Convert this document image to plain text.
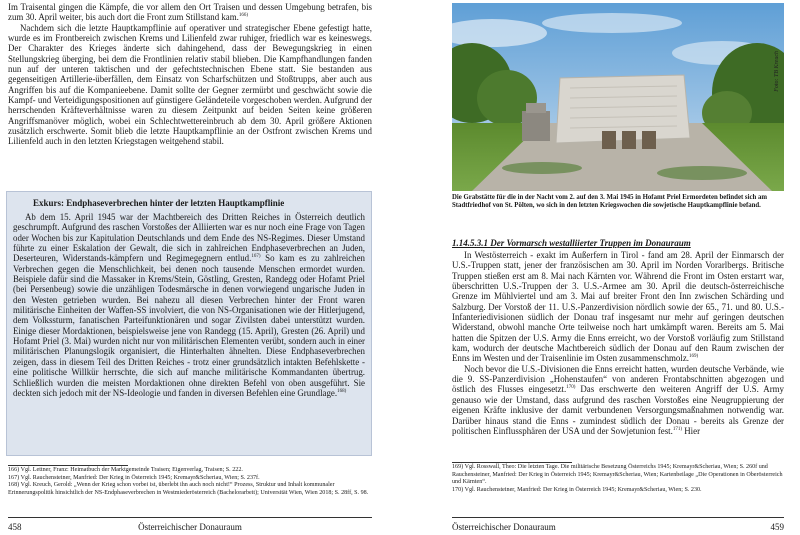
Im Traisental gingen die Kämpfe, die vor allem den Ort Traisen und dessen Umgebung betrafen, bis zum 30. April weiter, bis auch dort die Front zum Stillstand kam.$^{166)}$

Nachdem sich die letzte Hauptkampflinie auf operativer und strategischer Ebene gefestigt hatte, wurde es im Frontbereich zwischen Krems und Lilienfeld zwar ruhiger, friedlich war es keineswegs. Der Charakter des Krieges änderte sich dahingehend, dass der Bewegungskrieg in einen Stellungskrieg überging, bei dem die Frontlinien relativ stabil blieben. Die Kampfhandlungen fanden nun auf der unteren taktischen und der gefechtstechnischen Ebene statt. Sie bestanden aus gegenseitigen Artillerie-überfällen, dem Einsatz von Scharfschützen und Stoßtrupps, aber auch aus Angriffen bis auf die Kompanieebene. Damit sollte der Gegner zermürbt und geschwächt sowie die Kampf- und Verteidigungspositionen auf günstigere Geländeteile vorgeschoben werden. Aufgrund der herrschenden Kräfteverhältnisse waren zu diesem Zeitpunkt auf beiden Seiten keine größeren Angriffsmanöver möglich, wobei ein Schlechtwettereinbruch ab dem 30. April größere Aktionen zusätzlich erschwerte. Somit blieb die letzte Hauptkampflinie an der Ostfront zwischen Krems und Lilienfeld auch in den letzten Kriegstagen weitgehend stabil.

Exkurs: Endphaseverbrechen hinter der letzten Hauptkampflinie

Ab dem 15. April 1945 war der Machtbereich des Dritten Reiches in Österreich deutlich geschrumpft. Aufgrund des raschen Vorstoßes der Alliierten war es nur noch eine Frage von Tagen oder Wochen bis zur Kapitulation Deutschlands und dem Ende des NS-Regimes. Dieser Umstand führte zu einer Eskalation der Gewalt, die sich in zahlreichen Endphaseverbrechen an Juden, Deserteuren, Widerstands-kämpfern und Regimegegnern entlud.$^{167)}$ So kam es zu zahlreichen Verbrechen gegen die Menschlichkeit, bei denen noch tausende Menschen ermordet wurden. Beispiele dafür sind die Massaker in Krems/Stein, Göstling, Gresten, Randegg oder Hofamt Priel (bei Persenbeug) sowie die unzähligen Todesmärsche in denen vorwiegend ungarische Juden in den Westen getrieben wurden. Bei nahezu all diesen Verbrechen hinter der Front waren militärische Einheiten der Waffen-SS involviert, die von NS-Organisationen wie der Hitlerjugend, dem Volkssturm, fanatischen Parteifunktionären und sogar Zivilsten dabei unterstützt wurden. Einige dieser Mordaktionen, beispielsweise jene von Randegg (15. April), Gresten (26. April) und Hofamt Priel (3. Mai) wurden nicht nur von militärischen Elementen verübt, sondern auch in einer militärischen Planungslogik organisiert, die Hinterhalten ähnelten. Diese Endphaseverbrechen zeigen, dass in diesem Teil des Dritten Reiches - trotz einer grundsätzlich intakten Befehlskette - eine politische Willkür herrschte, die sich auf manche militärische Kommandanten übertrug. Schließlich wurden die meisten Mordaktionen ohne direkten Befehl von oben ausgeführt. Sie deckten sich jedoch mit der NS-Ideologie und fanden in diversen Befehlen eine Grundlage.$^{168)}$

166) Vgl. Lettner, Franz: Heimatbuch der Marktgemeinde Traisen; Eigenverlag, Traisen; S. 222.
167) Vgl. Rauchensteiner, Manfried: Der Krieg in Österreich 1945; Kremayr&Scheriau, Wien; S. 237f.
168) Vgl. Kreuch, Gerold: „Wenn der Krieg schon vorbei ist, überlebt ihn auch noch nicht!“ Prozess, Struktur und Inhalt kommunaler Erinnerungspolitik hinsichtlich der NS-Endphaseverbrechen in Westmiederösterreich (Bachelorarbeit); Universität Wien, Wien 2018; S. 28ff, S. 98.
Österreichischer Donauraum
458
Foto: TB Kreuch
Die Grabstätte für die in der Nacht vom 2. auf den 3. Mai 1945 in Hofamt Priel Ermordeten befindet sich am Stadtfriedhof von St. Pölten, wo sich in den letzten Kriegswochen die sowjetische Hauptkampflinie befand.
1.14.5.3.1 Der Vormarsch westalliierter Truppen im Donauraum

In Westösterreich - exakt im Außerfern in Tirol - fand am 28. April der Einmarsch der U.S.-Truppen statt, jener der französischen am 30. April im Norden Vorarlbergs. Britische Truppen stießen erst am 8. Mai nach Kärnten vor. Während die Front im Osten erstarrt war, überschritten U.S.-Truppen der 3. U.S.-Armee am 30. April die deutsch-österreichische Grenze im Mühlviertel und am 3. Mai auf breiter Front den Inn zwischen Schärding und Salzburg. Der Vorstoß der 11. U.S.-Panzerdivision nördlich sowie der 65., 71. und 80. U.S.-Infanteriedivisionen südlich der Donau traf insgesamt nur mehr auf geringen deutschen Widerstand, obwohl manche Orte teilweise noch hart umkämpft waren. Bereits am 5. Mai hatten die Spitzen der U.S. Army die Enns erreicht, wo der Vorstoß vorläufig zum Stillstand kam, wodurch der deutsche Machtbereich südlich der Donau auf den Raum zwischen der Enns im Westen und der Traisenlinie im Osten zusammenschmolz.$^{169)}$

Noch bevor die U.S.-Divisionen die Enns erreicht hatten, wurden deutsche Verbände, wie die 9. SS-Panzerdivision „Hohenstaufen“ von anderen Frontabschnitten abgezogen und östlich des Flusses eingesetzt.$^{170)}$ Das erschwerte den weiteren Angriff der U.S. Army genauso wie der Umstand, dass aufgrund des raschen Vorstoßes eine Neugruppierung der eigenen Kräfte inklusive der damit verbundenen Versorgungsmaßnahmen notwendig war. Darüber hinaus stand die Enns - zumindest südlich der Donau - bereits als Grenze der politischen Einflussphären der USA und der Sowjetunion fest.$^{171)}$ Hier

169) Vgl. Rosswall, Theo: Die letzten Tage. Die militärische Besetzung Österreichs 1945; Kremayr&Scheriau, Wien; S. 260f und Rauchensteiner, Manfried: Der Krieg in Österreich 1945; Kremayr&Scheriau, Wien; Kartenbeilage „Die Operationen in Oberösterreich und Kärnten“.
170) Vgl. Rauchensteiner, Manfried: Der Krieg in Österreich 1945; Kremayr&Scheriau, Wien; S. 230.
Österreichischer Donauraum	459
